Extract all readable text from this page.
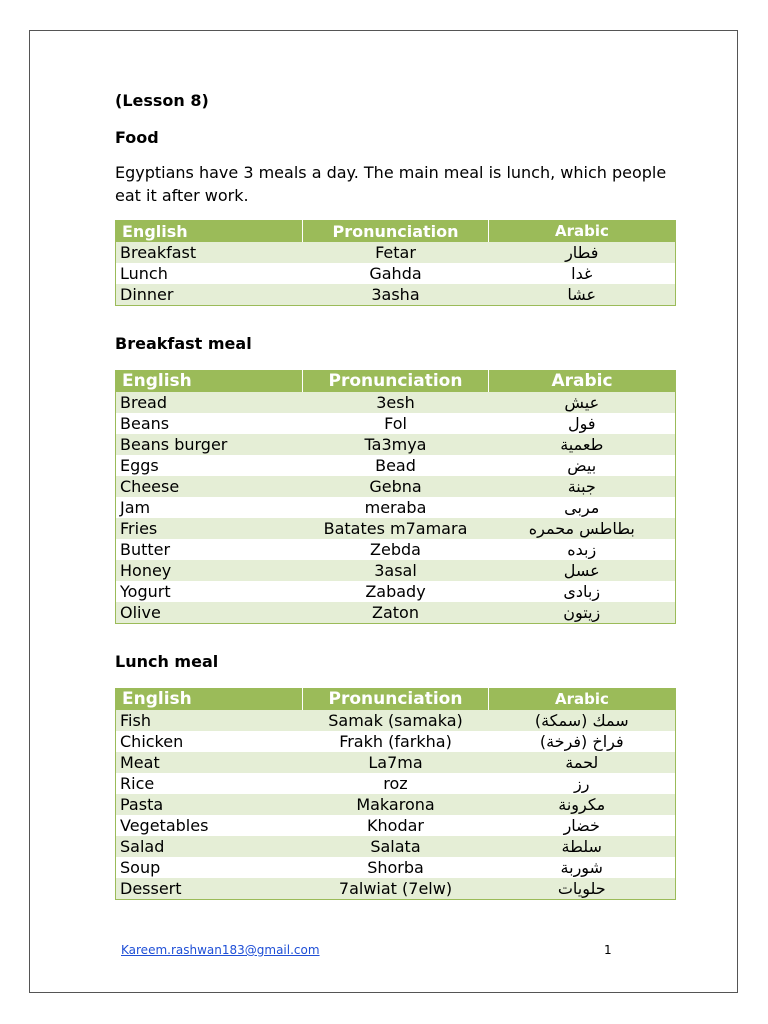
(Lesson 8)

Food

Egyptians have 3 meals a day. The main meal is lunch, which people eat it after work.

English	Pronunciation	Arabic
Breakfast	Fetar	فطار
Lunch	Gahda	غدا
Dinner	3asha	عشا
Breakfast meal
English	Pronunciation	Arabic
Bread	3esh	عيش
Beans	Fol	فول
Beans burger	Ta3mya	طعمية
Eggs	Bead	بيض
Cheese	Gebna	جبنة
Jam	meraba	مربى
Fries	Batates m7amara	بطاطس محمره
Butter	Zebda	زبده
Honey	3asal	عسل
Yogurt	Zabady	زبادى
Olive	Zaton	زيتون
Lunch meal
English	Pronunciation	Arabic
Fish	Samak (samaka)	سمك (سمكة)
Chicken	Frakh (farkha)	فراخ (فرخة)
Meat	La7ma	لحمة
Rice	roz	رز
Pasta	Makarona	مكرونة
Vegetables	Khodar	خضار
Salad	Salata	سلطة
Soup	Shorba	شوربة
Dessert	7alwiat (7elw)	حلويات
Kareem.rashwan183@gmail.com	1
